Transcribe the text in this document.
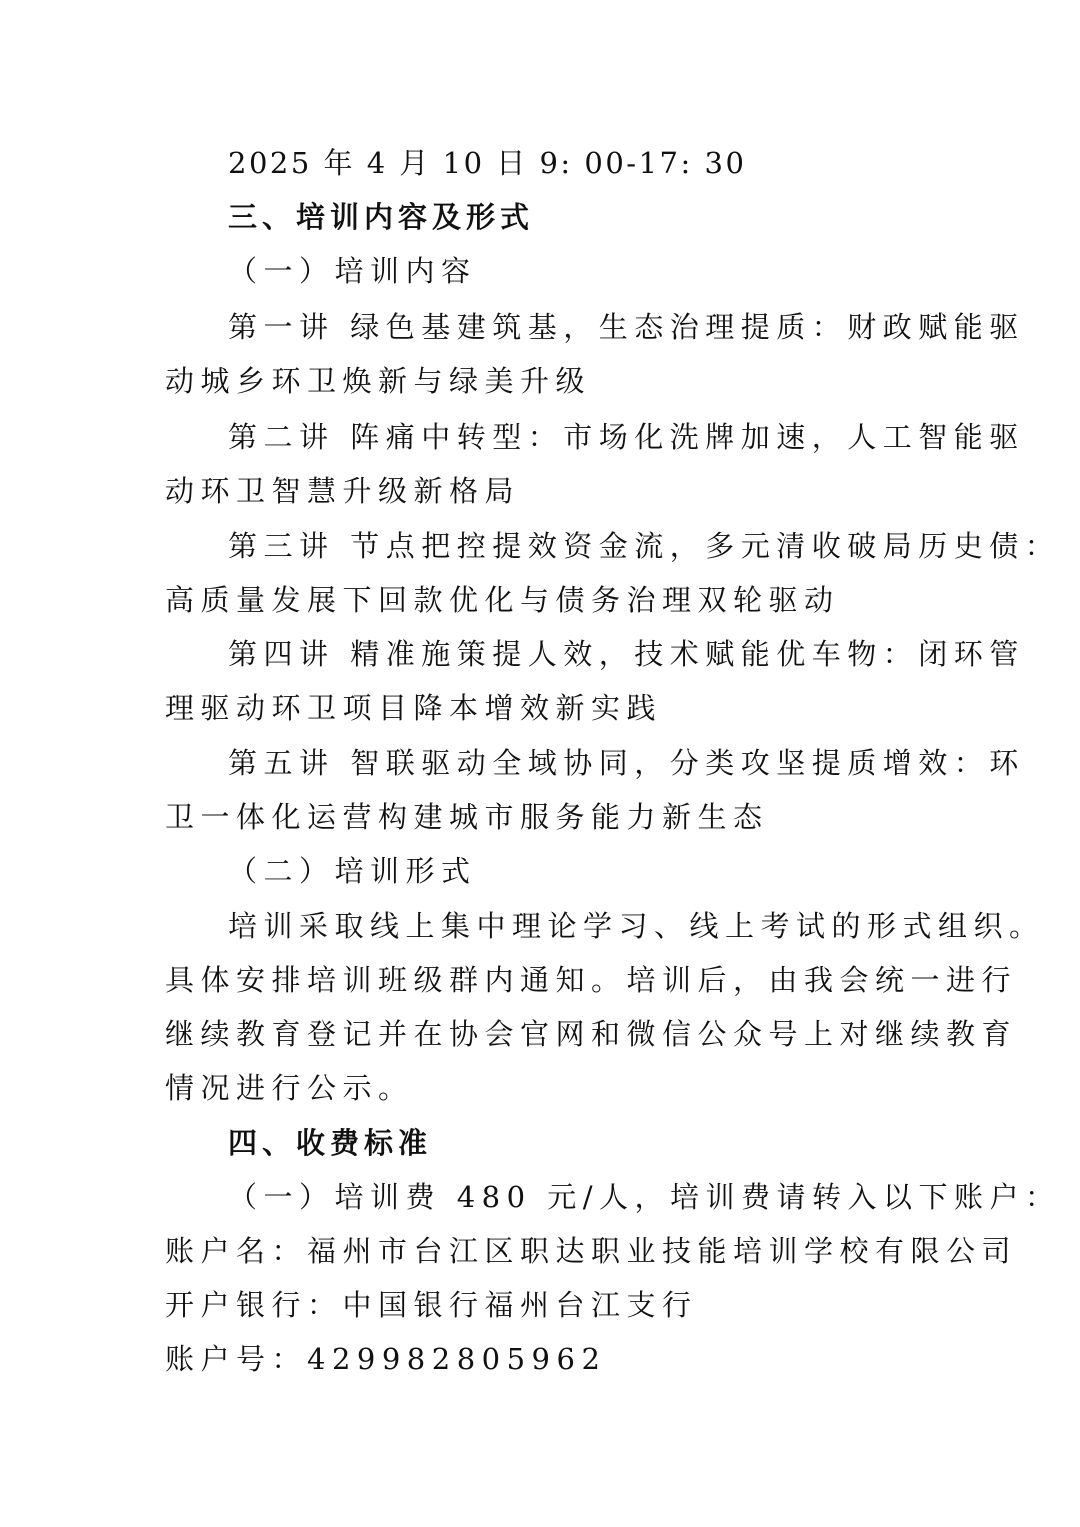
2025 年 4 月 10 日 9: 00-17: 30
三、培训内容及形式
（一）培训内容
第一讲 绿色基建筑基，生态治理提质：财政赋能驱
动城乡环卫焕新与绿美升级
第二讲 阵痛中转型：市场化洗牌加速，人工智能驱
动环卫智慧升级新格局
第三讲 节点把控提效资金流，多元清收破局历史债：
高质量发展下回款优化与债务治理双轮驱动
第四讲 精准施策提人效，技术赋能优车物：闭环管
理驱动环卫项目降本增效新实践
第五讲 智联驱动全域协同，分类攻坚提质增效：环
卫一体化运营构建城市服务能力新生态
（二）培训形式
培训采取线上集中理论学习、线上考试的形式组织。
具体安排培训班级群内通知。培训后，由我会统一进行
继续教育登记并在协会官网和微信公众号上对继续教育
情况进行公示。
四、收费标准
（一）培训费 480 元/人，培训费请转入以下账户：
账户名：福州市台江区职达职业技能培训学校有限公司
开户银行：中国银行福州台江支行
账户号：429982805962
